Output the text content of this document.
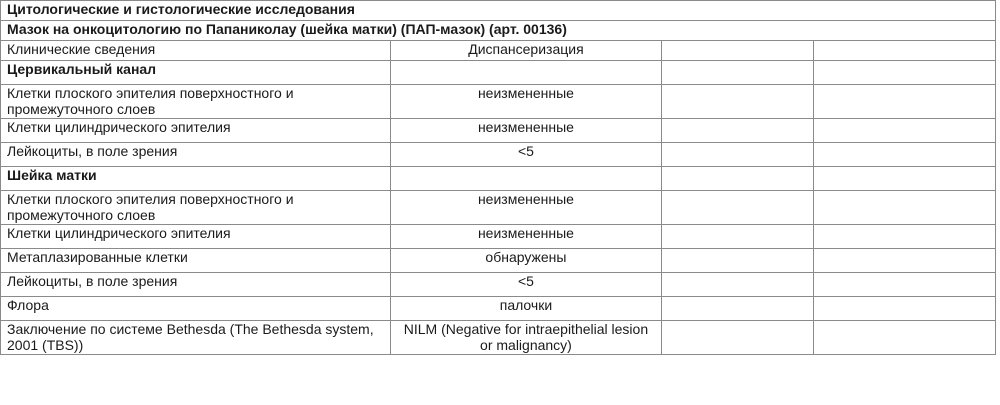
Цитологические и гистологические исследования			
Мазок на онкоцитологию по Папаниколау (шейка матки) (ПАП-мазок) (арт. 00136)			
Клинические сведения	Диспансеризация		
Цервикальный канал			
Клетки плоского эпителия поверхностного и промежуточного слоев	неизмененные		
Клетки цилиндрического эпителия	неизмененные		
Лейкоциты, в поле зрения	<5		
Шейка матки			
Клетки плоского эпителия поверхностного и промежуточного слоев	неизмененные		
Клетки цилиндрического эпителия	неизмененные		
Метаплазированные клетки	обнаружены		
Лейкоциты, в поле зрения	<5		
Флора	палочки		
Заключение по системе Bethesda (The Bethesda system, 2001 (TBS))	NILM (Negative for intraepithelial lesion or malignancy)		
